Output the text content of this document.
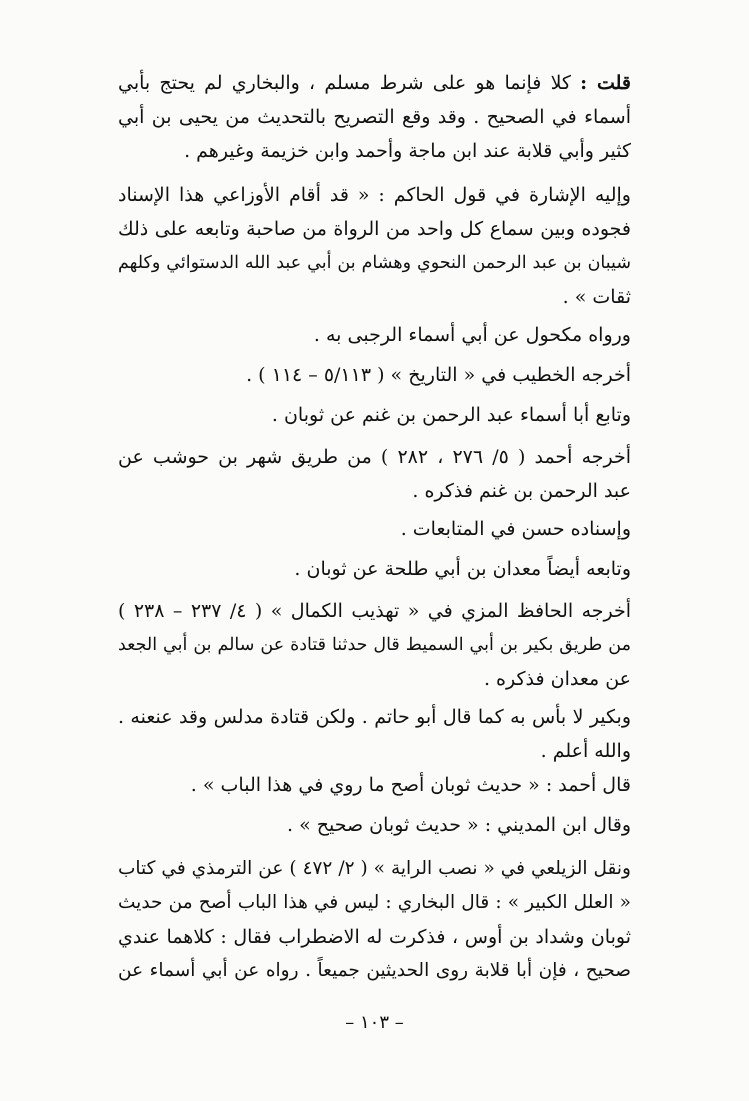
قلت : كلا فإنما هو على شرط مسلم ، والبخاري لم يحتج بأبي
أسماء في الصحيح . وقد وقع التصريح بالتحديث من يحيى بن أبي
كثير وأبي قلابة عند ابن ماجة وأحمد وابن خزيمة وغيرهم .
وإليه الإشارة في قول الحاكم : « قد أقام الأوزاعي هذا الإسناد
فجوده وبين سماع كل واحد من الرواة من صاحبة وتابعه على ذلك
شيبان بن عبد الرحمن النحوي وهشام بن أبي عبد الله الدستوائي وكلهم
ثقات » .
ورواه مكحول عن أبي أسماء الرجبى به .
أخرجه الخطيب في « التاريخ » ( ٥/١١٣ – ١١٤ ) .
وتابع أبا أسماء عبد الرحمن بن غنم عن ثوبان .
أخرجه أحمد ( ٥/ ٢٧٦ ، ٢٨٢ ) من طريق شهر بن حوشب عن
عبد الرحمن بن غنم فذكره .
وإسناده حسن في المتابعات .
وتابعه أيضاً معدان بن أبي طلحة عن ثوبان .
أخرجه الحافظ المزي في « تهذيب الكمال » ( ٤/ ٢٣٧ – ٢٣٨ )
من طريق بكير بن أبي السميط قال حدثنا قتادة عن سالم بن أبي الجعد
عن معدان فذكره .
وبكير لا بأس به كما قال أبو حاتم . ولكن قتادة مدلس وقد عنعنه .
والله أعلم .
قال أحمد : « حديث ثوبان أصح ما روي في هذا الباب » .
وقال ابن المديني : « حديث ثوبان صحيح » .
ونقل الزيلعي في « نصب الراية » ( ٢/ ٤٧٢ ) عن الترمذي في كتاب
« العلل الكبير » : قال البخاري : ليس في هذا الباب أصح من حديث
ثوبان وشداد بن أوس ، فذكرت له الاضطراب فقال : كلاهما عندي
صحيح ، فإن أبا قلابة روى الحديثين جميعاً . رواه عن أبي أسماء عن
– ١٠٣ –
